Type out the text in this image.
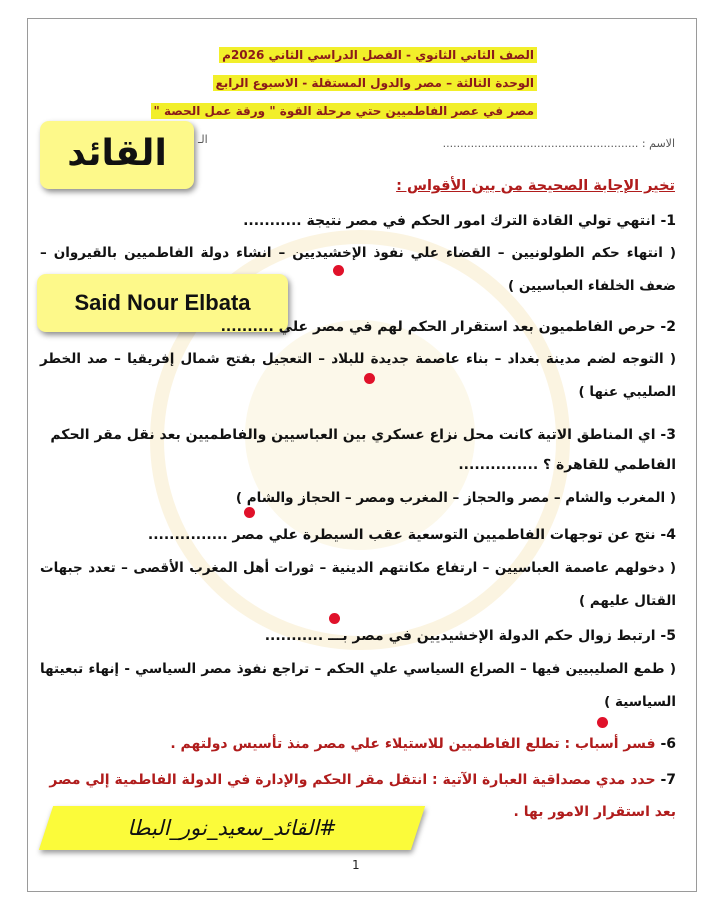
الصف الثاني الثانوي - الفصل الدراسي الثاني 2026م
الوحدة الثالثة – مصر والدول المستقلة - الاسبوع الرابع
مصر في عصر الفاطميين حتي مرحلة القوة " ورقة عمل الحصة "
القائد
Said Nour Elbata
الاسم : ........................................................
الـ
تخير الإجابة الصحيحة من بين الأقواس :
1- انتهي تولي القادة الترك امور الحكم في مصر نتيجة ...........
( انتهاء حكم الطولونيين – القضاء علي نفوذ الإخشيديين – انشاء دولة الفاطميين بالقيروان – ضعف الخلفاء العباسيين )
2- حرص الفاطميون بعد استقرار الحكم لهم في مصر علي ..........
( التوجه لضم مدينة بغداد – بناء عاصمة جديدة للبلاد – التعجيل بفتح شمال إفريقيا – صد الخطر الصليبي عنها )
3- اي المناطق الاتية كانت محل نزاع عسكري بين العباسيين والفاطميين بعد نقل مقر الحكم الفاطمي للقاهرة ؟ ...............
( المغرب والشام – مصر والحجاز – المغرب ومصر – الحجاز والشام )
4- نتج عن توجهات الفاطميين التوسعية عقب السيطرة علي مصر ...............
( دخولهم عاصمة العباسيين – ارتفاع مكانتهم الدينية – ثورات أهل المغرب الأقصى – تعدد جبهات القتال عليهم )
5- ارتبط زوال حكم الدولة الإخشيديين في مصر بـــ ...........
( طمع الصليبيين فيها – الصراع السياسي علي الحكم – تراجع نفوذ مصر السياسي - إنهاء تبعيتها السياسية )
6- فسر أسباب : تطلع الفاطميين للاستيلاء علي مصر منذ تأسيس دولتهم .
7- حدد مدي مصداقية العبارة الآتية : انتقل مقر الحكم والإدارة في الدولة الفاطمية إلي مصر بعد استقرار الامور بها .
#القائد_سعيد_نور_البطا
1
